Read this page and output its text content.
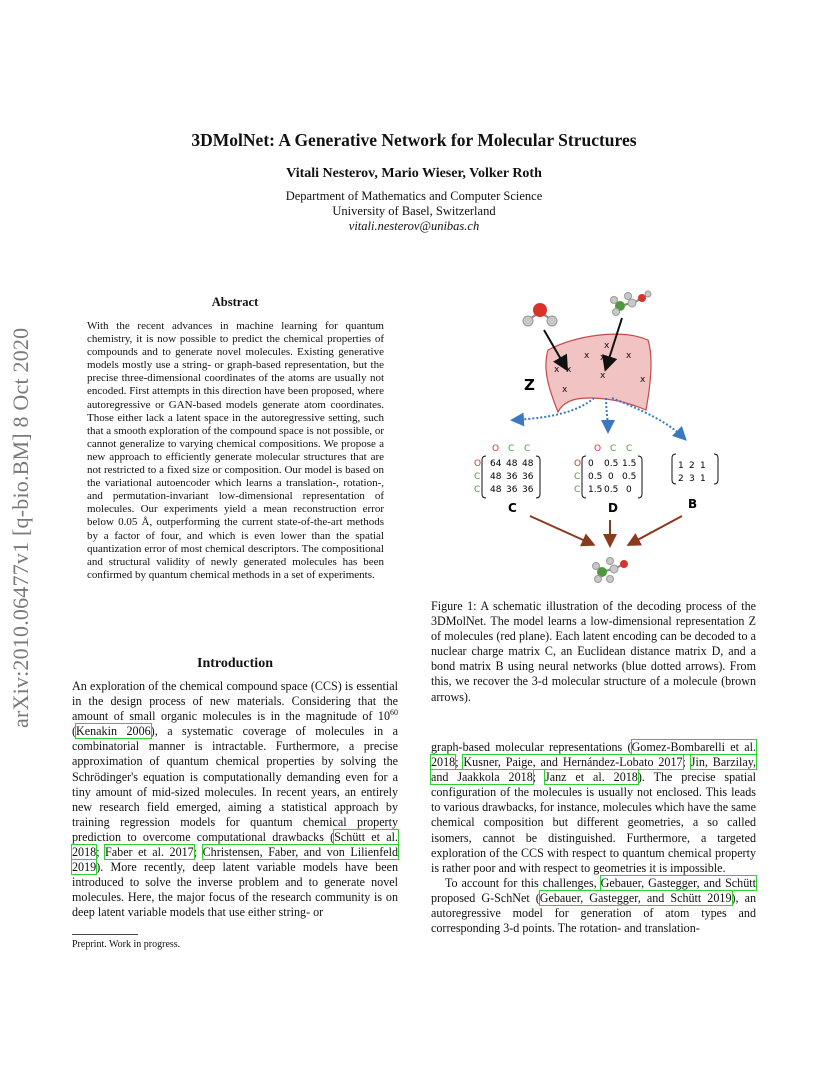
3DMolNet: A Generative Network for Molecular Structures
Vitali Nesterov, Mario Wieser, Volker Roth
Department of Mathematics and Computer Science
University of Basel, Switzerland
vitali.nesterov@unibas.ch
arXiv:2010.06477v1 [q-bio.BM] 8 Oct 2020
Abstract
With the recent advances in machine learning for quantum chemistry, it is now possible to predict the chemical properties of compounds and to generate novel molecules. Existing generative models mostly use a string- or graph-based representation, but the precise three-dimensional coordinates of the atoms are usually not encoded. First attempts in this direction have been proposed, where autoregressive or GAN-based models generate atom coordinates. Those either lack a latent space in the autoregressive setting, such that a smooth exploration of the compound space is not possible, or cannot generalize to varying chemical compositions. We propose a new approach to efficiently generate molecular structures that are not restricted to a fixed size or composition. Our model is based on the variational autoencoder which learns a translation-, rotation-, and permutation-invariant low-dimensional representation of molecules. Our experiments yield a mean reconstruction error below 0.05 Å, outperforming the current state-of-the-art methods by a factor of four, and which is even lower than the spatial quantization error of most chemical descriptors. The compositional and structural validity of newly generated molecules has been confirmed by quantum chemical methods in a set of experiments.
Introduction

An exploration of the chemical compound space (CCS) is essential in the design process of new materials. Considering that the amount of small organic molecules is in the magnitude of $10^{60}$ (Kenakin 2006), a systematic coverage of molecules in a combinatorial manner is intractable. Furthermore, a precise approximation of quantum chemical properties by solving the Schrödinger's equation is computationally demanding even for a tiny amount of mid-sized molecules. In recent years, an entirely new research field emerged, aiming a statistical approach by training regression models for quantum chemical property prediction to overcome computational drawbacks (Schütt et al. 2018; Faber et al. 2017; Christensen, Faber, and von Lilienfeld 2019). More recently, deep latent variable models have been introduced to solve the inverse problem and to generate novel molecules. Here, the major focus of the research community is on deep latent variable models that use either string- or

Preprint. Work in progress.
x
x	x
x x
x
x
x
x
Z
O C C
O
C
C
64 48 48
48 36 36
48 36 36
C
O C C
O
C
C
0 0.5 1.5
0.5 0 0.5
1.5 0.5 0
D
1 2 1
2 3 1
B
Figure 1: A schematic illustration of the decoding process of the 3DMolNet. The model learns a low-dimensional representation Z of molecules (red plane). Each latent encoding can be decoded to a nuclear charge matrix C, an Euclidean distance matrix D, and a bond matrix B using neural networks (blue dotted arrows). From this, we recover the 3-d molecular structure of a molecule (brown arrows).

graph-based molecular representations (Gomez-Bombarelli et al. 2018; Kusner, Paige, and Hernández-Lobato 2017; Jin, Barzilay, and Jaakkola 2018; Janz et al. 2018). The precise spatial configuration of the molecules is usually not enclosed. This leads to various drawbacks, for instance, molecules which have the same chemical composition but different geometries, a so called isomers, cannot be distinguished. Furthermore, a targeted exploration of the CCS with respect to quantum chemical property is rather poor and with respect to geometries it is impossible.

To account for this challenges, Gebauer, Gastegger, and Schütt proposed G-SchNet (Gebauer, Gastegger, and Schütt 2019), an autoregressive model for generation of atom types and corresponding 3-d points. The rotation- and translation-
